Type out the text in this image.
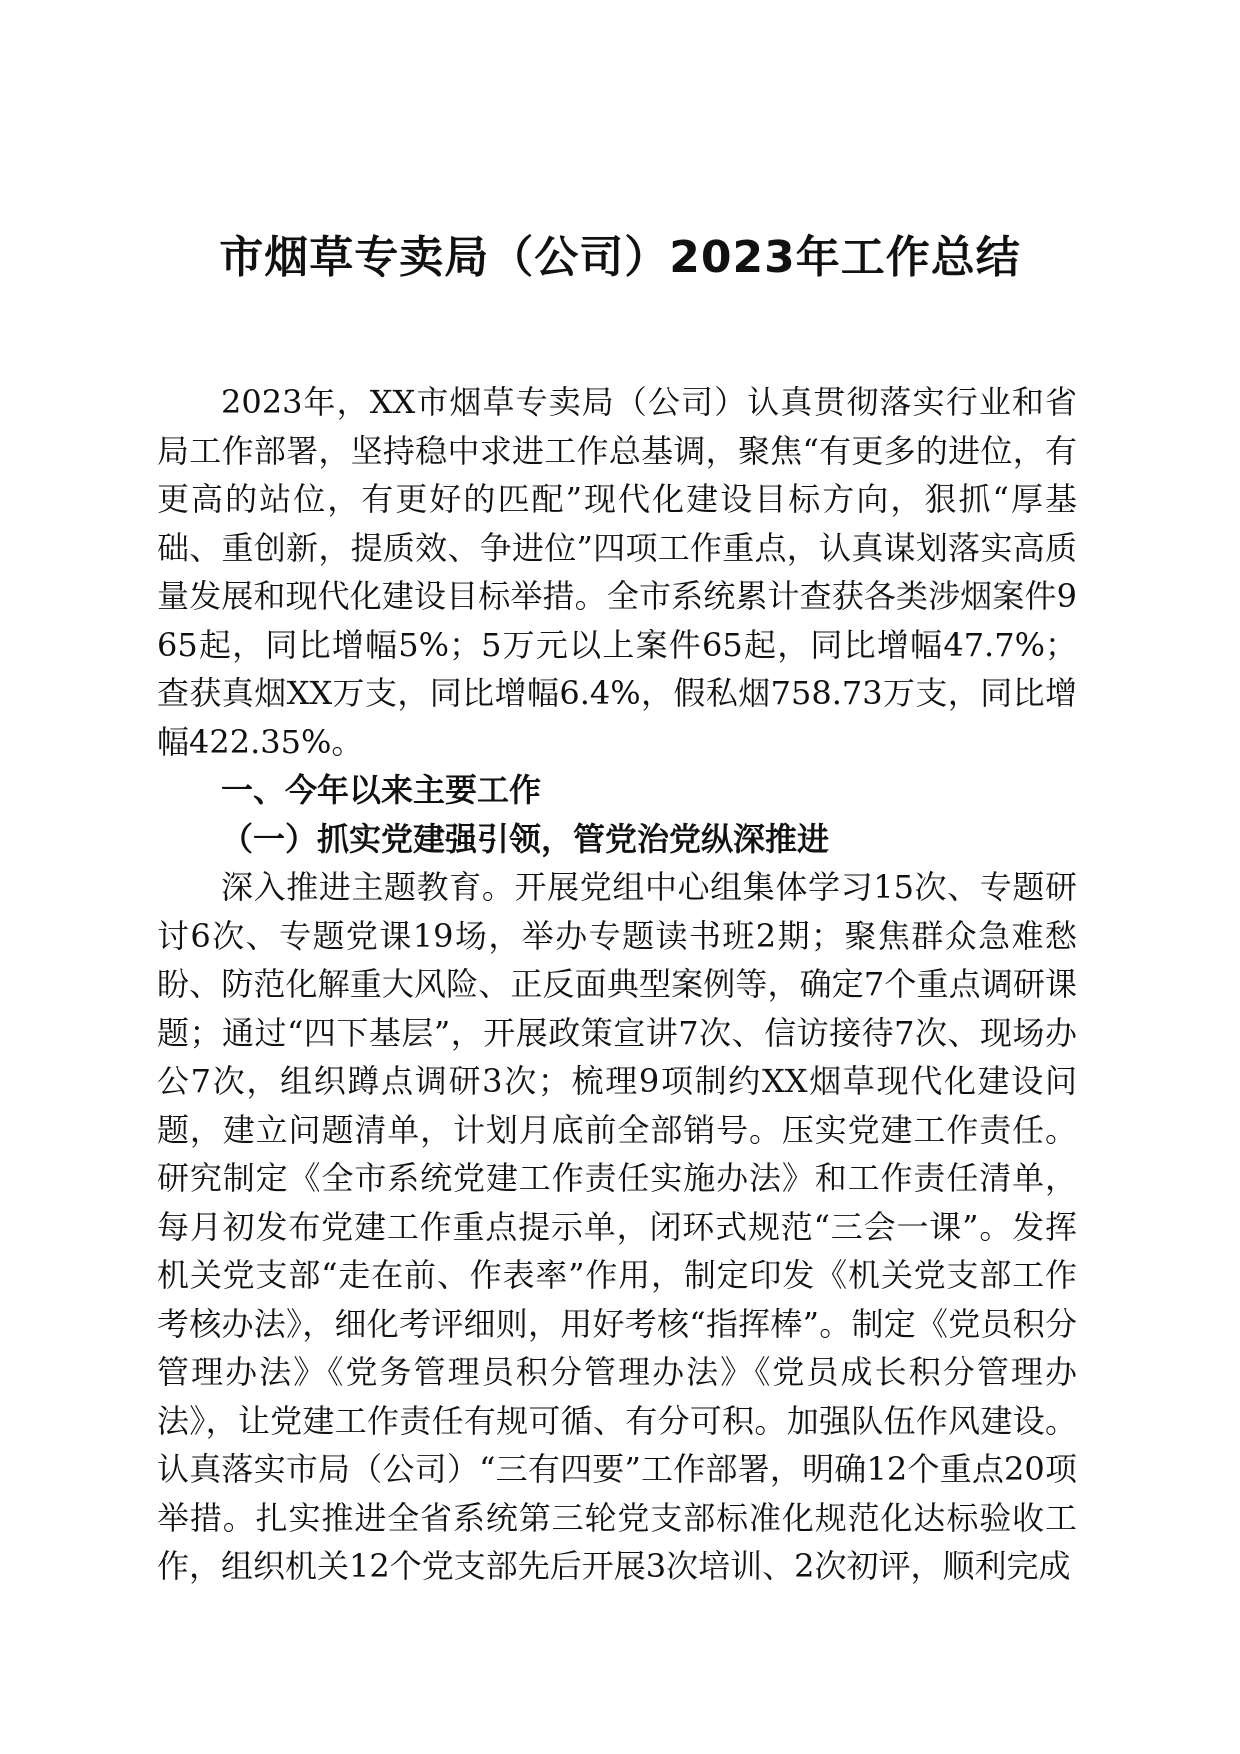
市烟草专卖局（公司）2023年工作总结

2023年，XX市烟草专卖局（公司）认真贯彻落实行业和省局工作部署，坚持稳中求进工作总基调，聚焦“有更多的进位，有更高的站位，有更好的匹配”现代化建设目标方向，狠抓“厚基础、重创新，提质效、争进位”四项工作重点，认真谋划落实高质量发展和现代化建设目标举措。全市系统累计查获各类涉烟案件965起，同比增幅5%；5万元以上案件65起，同比增幅47.7%；查获真烟XX万支，同比增幅6.4%，假私烟758.73万支，同比增幅422.35%。

一、今年以来主要工作

（一）抓实党建强引领，管党治党纵深推进

深入推进主题教育。开展党组中心组集体学习15次、专题研讨6次、专题党课19场，举办专题读书班2期；聚焦群众急难愁盼、防范化解重大风险、正反面典型案例等，确定7个重点调研课题；通过“四下基层”，开展政策宣讲7次、信访接待7次、现场办公7次，组织蹲点调研3次；梳理9项制约XX烟草现代化建设问题，建立问题清单，计划月底前全部销号。压实党建工作责任。研究制定《全市系统党建工作责任实施办法》和工作责任清单，每月初发布党建工作重点提示单，闭环式规范“三会一课”。发挥机关党支部“走在前、作表率”作用，制定印发《机关党支部工作考核办法》，细化考评细则，用好考核“指挥棒”。制定《党员积分管理办法》《党务管理员积分管理办法》《党员成长积分管理办法》，让党建工作责任有规可循、有分可积。加强队伍作风建设。认真落实市局（公司）“三有四要”工作部署，明确12个重点20项举措。扎实推进全省系统第三轮党支部标准化规范化达标验收工作，组织机关12个党支部先后开展3次培训、2次初评，顺利完成
